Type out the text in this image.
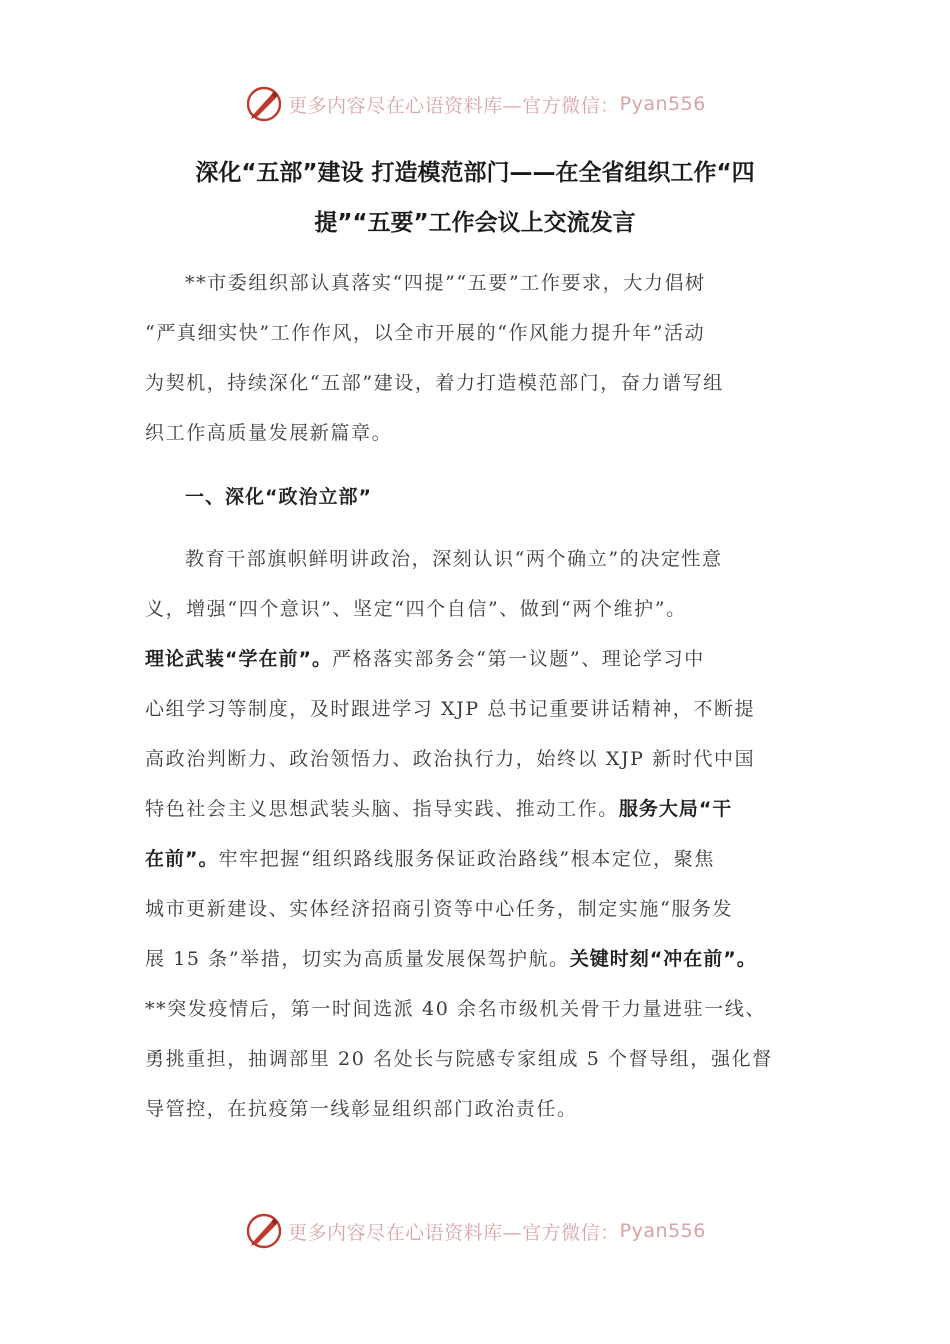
更多内容尽在心语资料库—官方微信： Pyan556
深化“五部”建设 打造模范部门——在全省组织工作“四
提”“五要”工作会议上交流发言
**市委组织部认真落实“四提”“五要”工作要求，大力倡树
“严真细实快”工作作风，以全市开展的“作风能力提升年”活动
为契机，持续深化“五部”建设，着力打造模范部门，奋力谱写组
织工作高质量发展新篇章。
一、深化“政治立部”
教育干部旗帜鲜明讲政治，深刻认识“两个确立”的决定性意
义，增强“四个意识”、坚定“四个自信”、做到“两个维护”。
理论武装“学在前”。严格落实部务会“第一议题”、理论学习中
心组学习等制度，及时跟进学习 XJP 总书记重要讲话精神，不断提
高政治判断力、政治领悟力、政治执行力，始终以 XJP 新时代中国
特色社会主义思想武装头脑、指导实践、推动工作。服务大局“干
在前”。牢牢把握“组织路线服务保证政治路线”根本定位，聚焦
城市更新建设、实体经济招商引资等中心任务，制定实施“服务发
展 15 条”举措，切实为高质量发展保驾护航。关键时刻“冲在前”。
**突发疫情后，第一时间选派 40 余名市级机关骨干力量进驻一线、
勇挑重担，抽调部里 20 名处长与院感专家组成 5 个督导组，强化督
导管控，在抗疫第一线彰显组织部门政治责任。
更多内容尽在心语资料库—官方微信： Pyan556
